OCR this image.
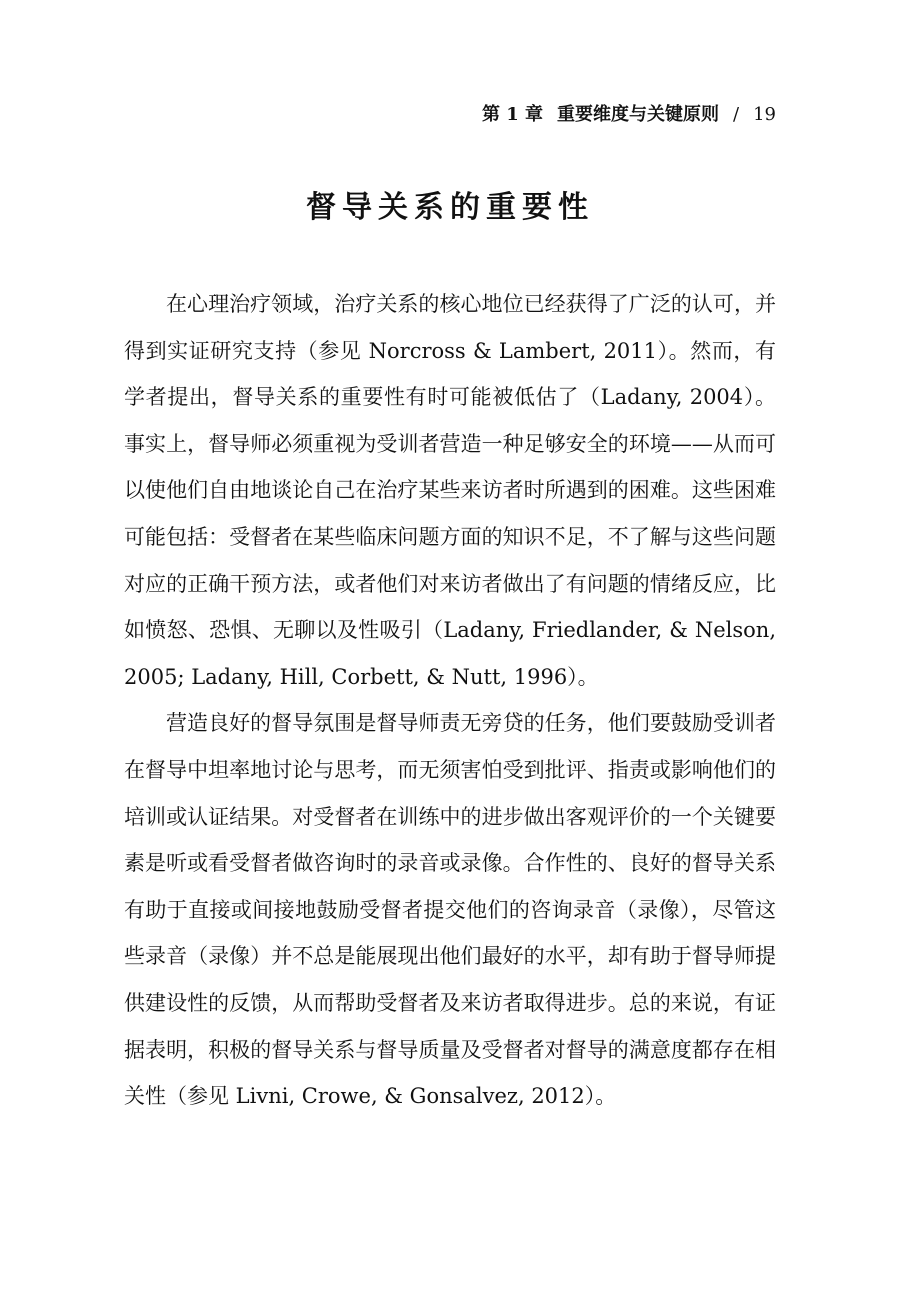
第 1 章 重要维度与关键原则 / 19
督导关系的重要性

在心理治疗领域，治疗关系的核心地位已经获得了广泛的认可，并得到实证研究支持（参见 Norcross & Lambert, 2011）。然而，有学者提出，督导关系的重要性有时可能被低估了（Ladany, 2004）。事实上，督导师必须重视为受训者营造一种足够安全的环境——从而可以使他们自由地谈论自己在治疗某些来访者时所遇到的困难。这些困难可能包括：受督者在某些临床问题方面的知识不足，不了解与这些问题对应的正确干预方法，或者他们对来访者做出了有问题的情绪反应，比如愤怒、恐惧、无聊以及性吸引（Ladany, Friedlander, & Nelson, 2005; Ladany, Hill, Corbett, & Nutt, 1996）。

营造良好的督导氛围是督导师责无旁贷的任务，他们要鼓励受训者在督导中坦率地讨论与思考，而无须害怕受到批评、指责或影响他们的培训或认证结果。对受督者在训练中的进步做出客观评价的一个关键要素是听或看受督者做咨询时的录音或录像。合作性的、良好的督导关系有助于直接或间接地鼓励受督者提交他们的咨询录音（录像），尽管这些录音（录像）并不总是能展现出他们最好的水平，却有助于督导师提供建设性的反馈，从而帮助受督者及来访者取得进步。总的来说，有证据表明，积极的督导关系与督导质量及受督者对督导的满意度都存在相关性（参见 Livni, Crowe, & Gonsalvez, 2012）。
